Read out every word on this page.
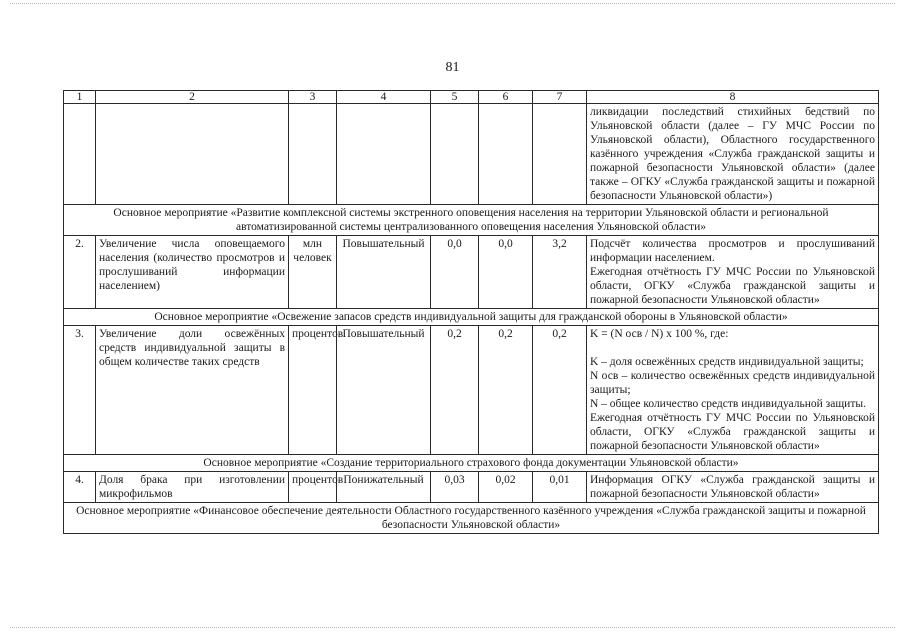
81
1	2	3	4	5	6	7	8
							ликвидации последствий стихийных бедствий по Ульяновской области (далее – ГУ МЧС России по Ульяновской области), Областного государственного казённого учреждения «Служба гражданской защиты и пожарной безопасности Ульяновской области» (далее также – ОГКУ «Служба гражданской защиты и пожарной безопасности Ульяновской области»)
Основное мероприятие «Развитие комплексной системы экстренного оповещения населения на территории Ульяновской области и региональной автоматизированной системы централизованного оповещения населения Ульяновской области»							
2.	Увеличение числа оповещаемого населения (количество просмотров и прослушиваний информации населением)	млн человек	Повышательный	0,0	0,0	3,2	Подсчёт количества просмотров и прослушиваний информации населением.
Ежегодная отчётность ГУ МЧС России по Ульяновской области, ОГКУ «Служба гражданской защиты и пожарной безопасности Ульяновской области»

Основное мероприятие «Освежение запасов средств индивидуальной защиты для гражданской обороны в Ульяновской области»							
3.	Увеличение доли освежённых средств индивидуальной защиты в общем количестве таких средств	процентов	Повышательный	0,2	0,2	0,2	K = (N осв / N) x 100 %, где:
K – доля освежённых средств индивидуальной защиты;
N осв – количество освежённых средств индивидуальной защиты;
N – общее количество средств индивидуальной защиты.
Ежегодная отчётность ГУ МЧС России по Ульяновской области, ОГКУ «Служба гражданской защиты и пожарной безопасности Ульяновской области»

Основное мероприятие «Создание территориального страхового фонда документации Ульяновской области»							
4.	Доля брака при изготовлении микрофильмов	процентов	Понижательный	0,03	0,02	0,01	Информация ОГКУ «Служба гражданской защиты и пожарной безопасности Ульяновской области»
Основное мероприятие «Финансовое обеспечение деятельности Областного государственного казённого учреждения «Служба гражданской защиты и пожарной безопасности Ульяновской области»							
